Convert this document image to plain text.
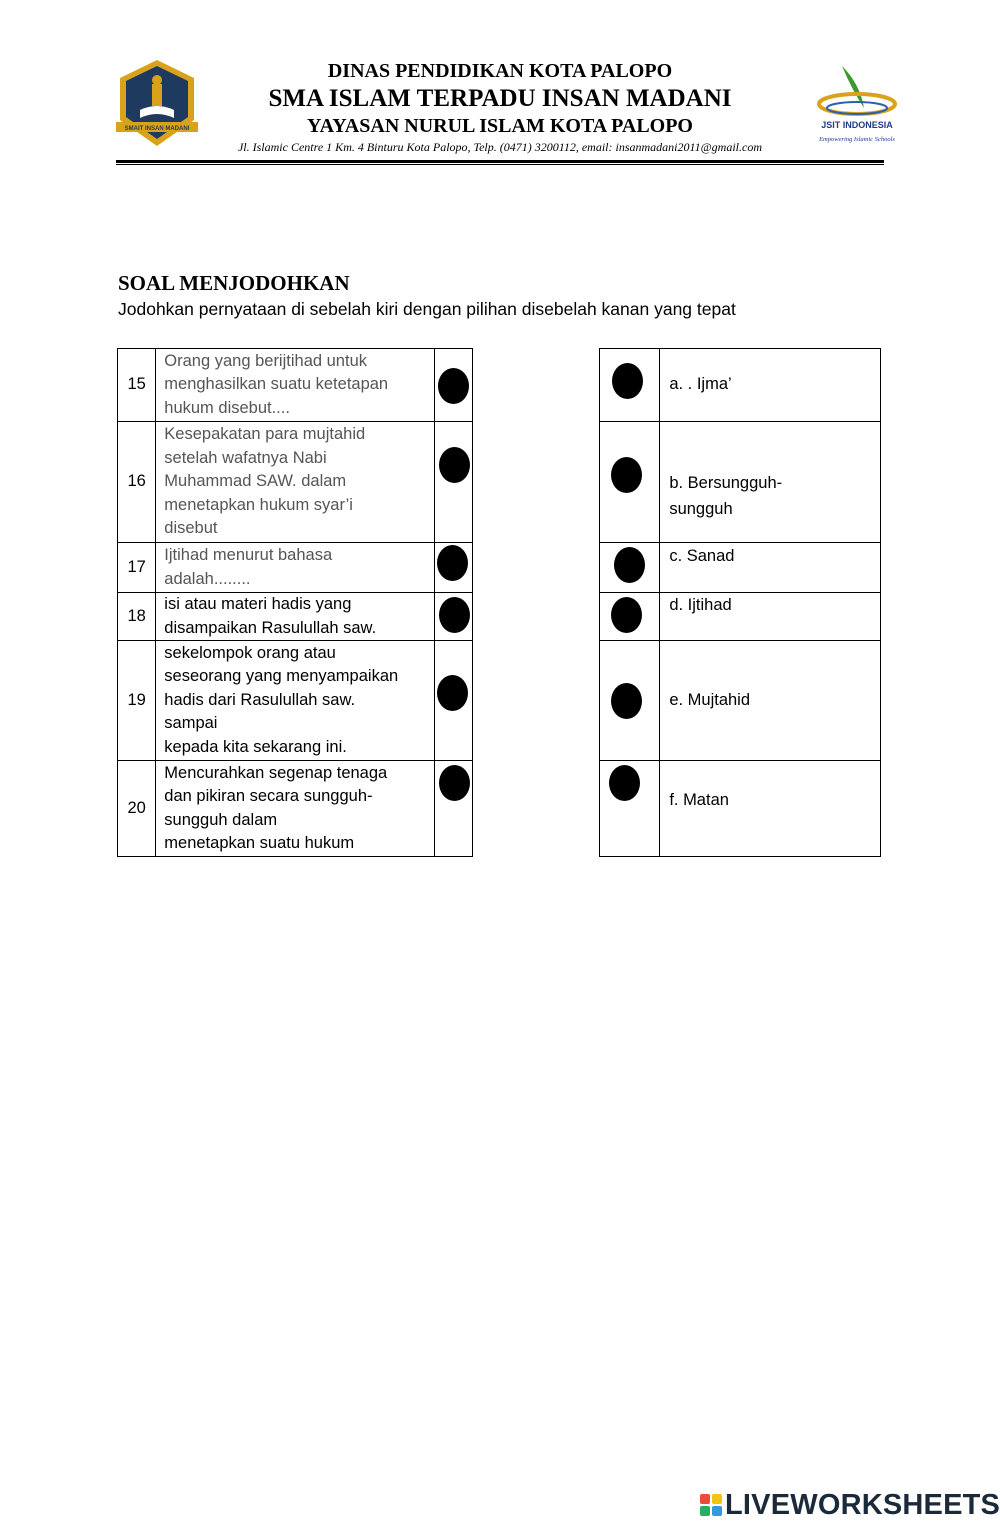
SMAIT INSAN MADANI
DINAS PENDIDIKAN KOTA PALOPO
SMA ISLAM TERPADU INSAN MADANI
YAYASAN NURUL ISLAM KOTA PALOPO
Jl. Islamic Centre 1 Km. 4 Binturu Kota Palopo, Telp. (0471) 3200112, email: insanmadani2011@gmail.com
JSIT INDONESIA
Empowering Islamic Schools
SOAL MENJODOHKAN
Jodohkan pernyataan di sebelah kiri dengan pilihan disebelah kanan yang tepat
15	Orang yang berijtihad untuk
menghasilkan suatu ketetapan
hukum disebut....	

16	Kesepakatan para mujtahid
setelah wafatnya Nabi
Muhammad SAW. dalam
menetapkan hukum syar’i
disebut	

17	Ijtihad menurut bahasa
adalah........	

18	isi atau materi hadis yang
disampaikan Rasulullah saw.	

19	sekelompok orang atau
seseorang yang menyampaikan
hadis dari Rasulullah saw.
sampai
kepada kita sekarang ini.	

20	Mencurahkan segenap tenaga
dan pikiran secara sungguh-
sungguh dalam
menetapkan suatu hukum	

	a. . Ijma’

	b. Bersungguh-
sungguh

	c. Sanad

	d. Ijtihad

	e. Mujtahid

	f. Matan
LIVEWORKSHEETS
